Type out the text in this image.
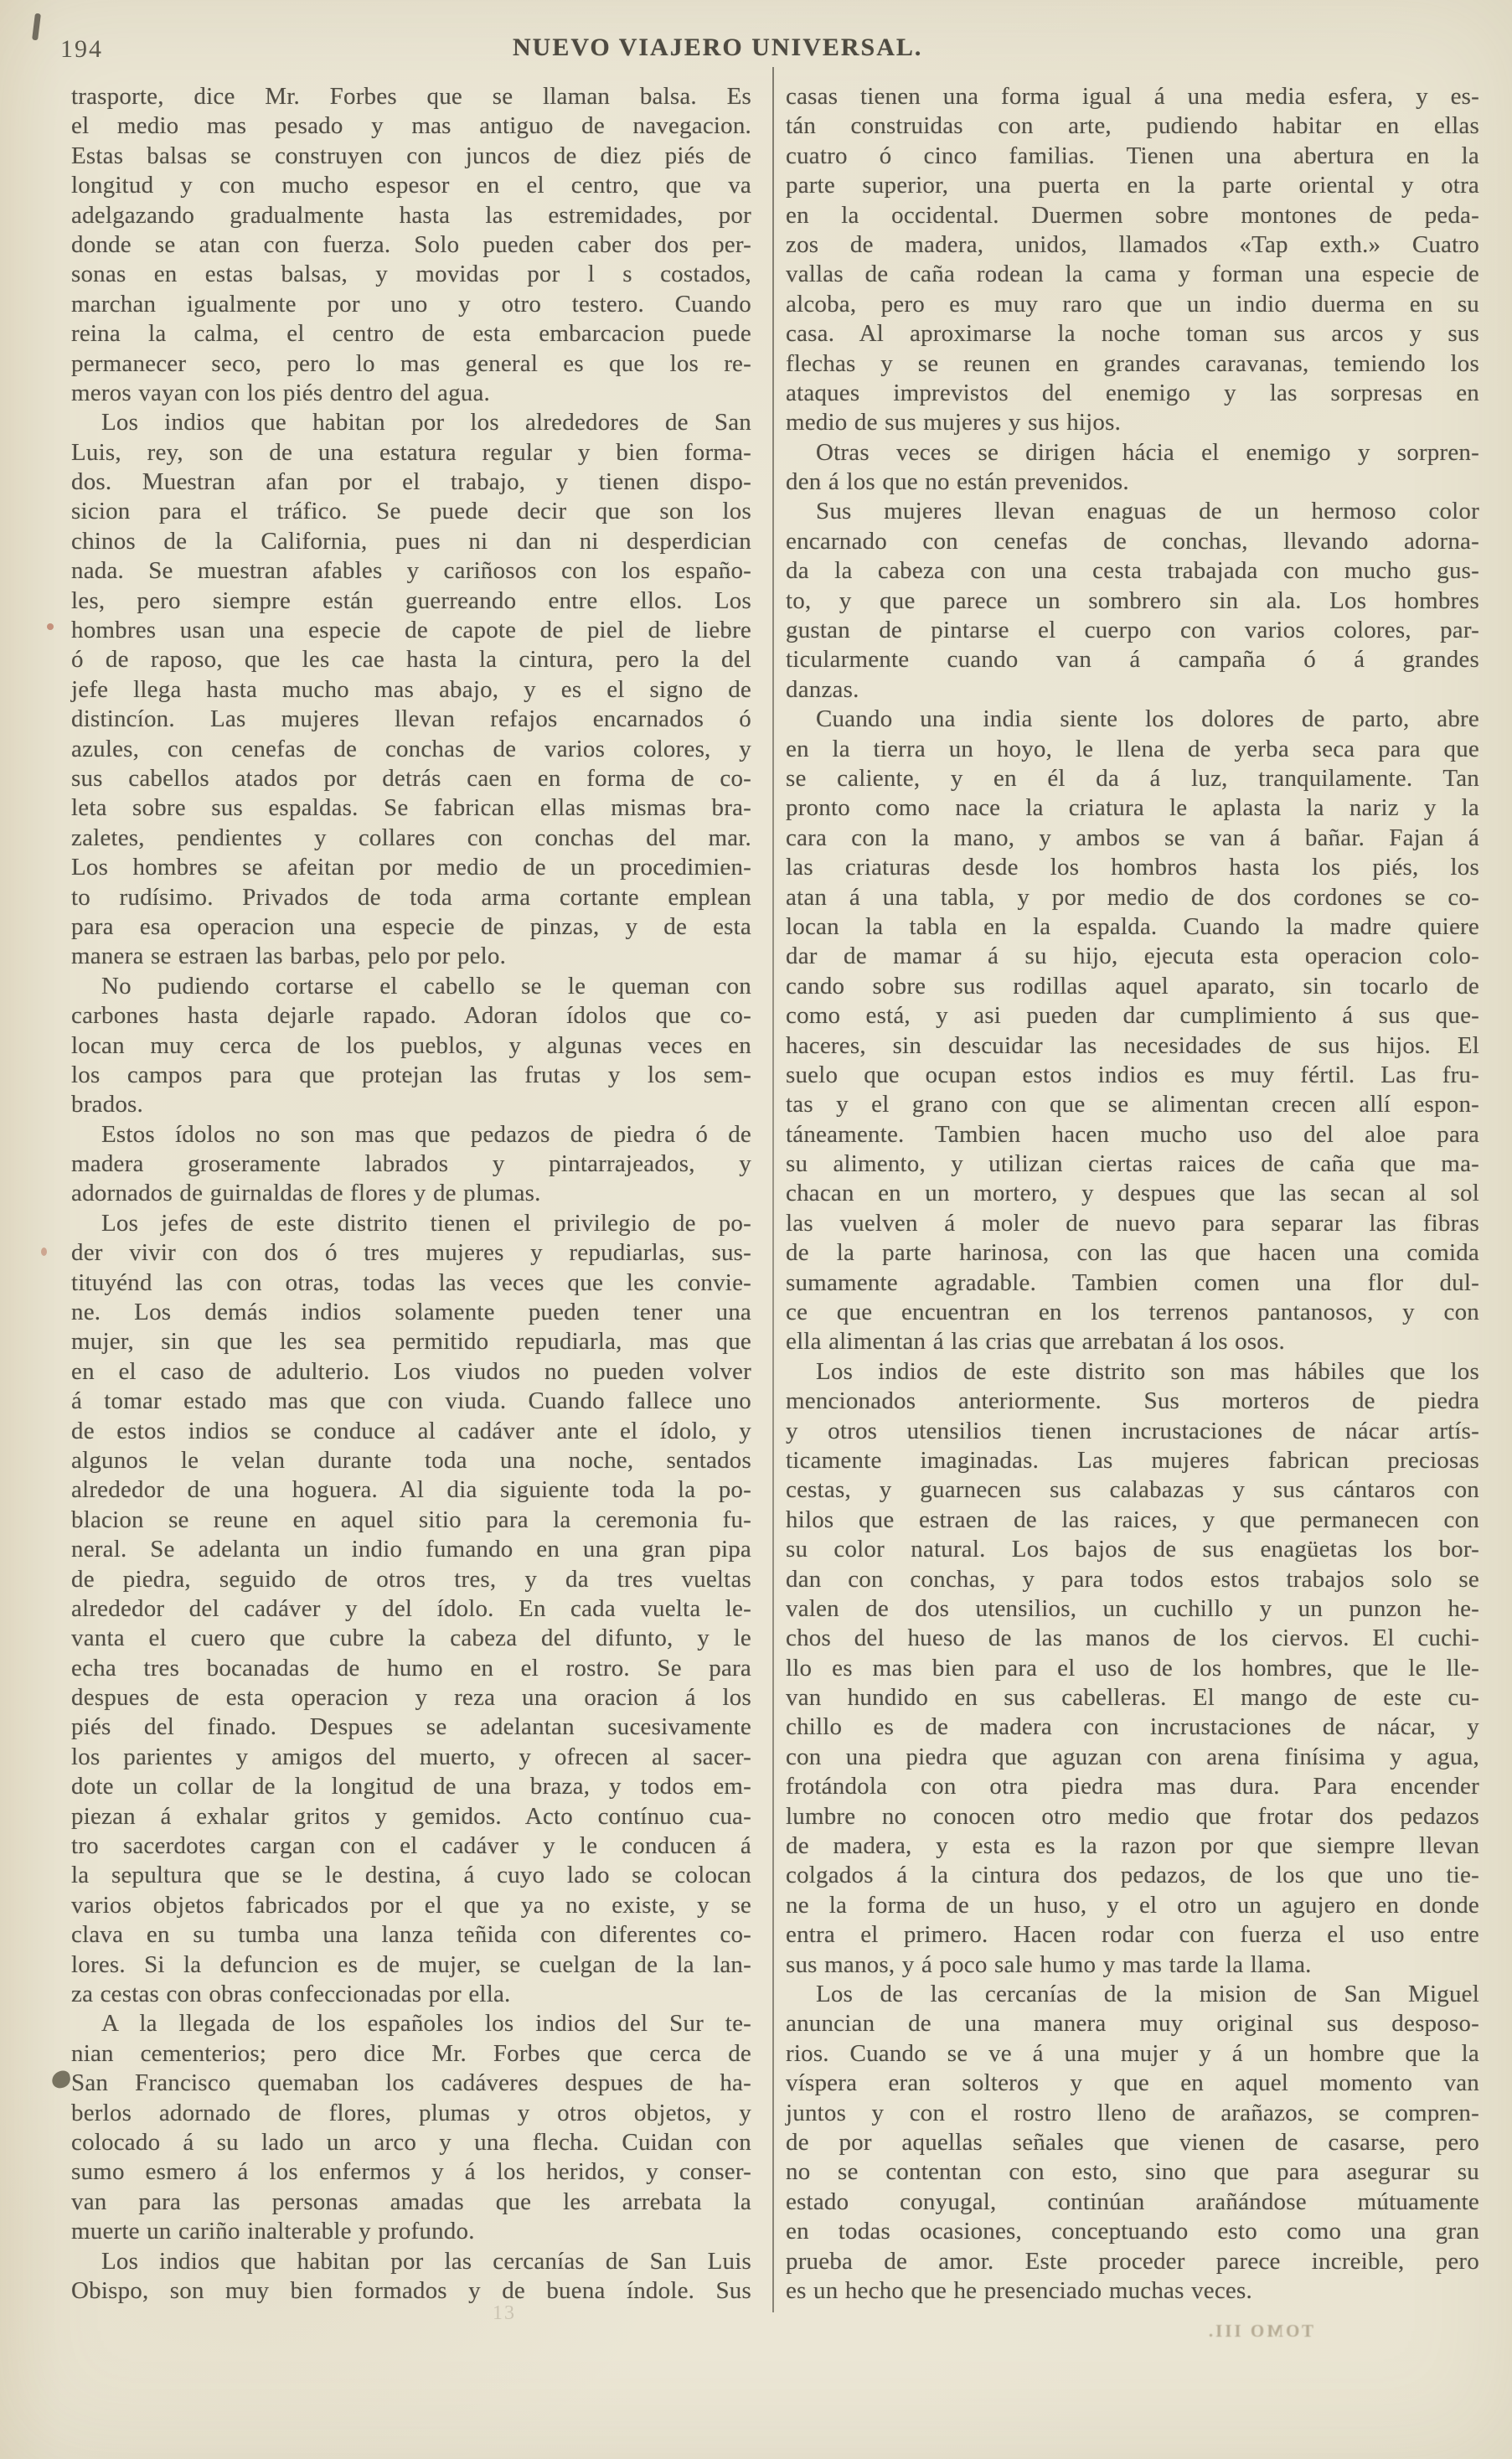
194	NUEVO VIAJERO UNIVERSAL.
trasporte, dice Mr. Forbes que se llaman balsa. Es
el medio mas pesado y mas antiguo de navegacion.
Estas balsas se construyen con juncos de diez piés de
longitud y con mucho espesor en el centro, que va
adelgazando gradualmente hasta las estremidades, por
donde se atan con fuerza. Solo pueden caber dos per-
sonas en estas balsas, y movidas por l s costados,
marchan igualmente por uno y otro testero. Cuando
reina la calma, el centro de esta embarcacion puede
permanecer seco, pero lo mas general es que los re-
meros vayan con los piés dentro del agua.
Los indios que habitan por los alrededores de San
Luis, rey, son de una estatura regular y bien forma-
dos. Muestran afan por el trabajo, y tienen dispo-
sicion para el tráfico. Se puede decir que son los
chinos de la California, pues ni dan ni desperdician
nada. Se muestran afables y cariñosos con los españo-
les, pero siempre están guerreando entre ellos. Los
hombres usan una especie de capote de piel de liebre
ó de raposo, que les cae hasta la cintura, pero la del
jefe llega hasta mucho mas abajo, y es el signo de
distincíon. Las mujeres llevan refajos encarnados ó
azules, con cenefas de conchas de varios colores, y
sus cabellos atados por detrás caen en forma de co-
leta sobre sus espaldas. Se fabrican ellas mismas bra-
zaletes, pendientes y collares con conchas del mar.
Los hombres se afeitan por medio de un procedimien-
to rudísimo. Privados de toda arma cortante emplean
para esa operacion una especie de pinzas, y de esta
manera se estraen las barbas, pelo por pelo.
No pudiendo cortarse el cabello se le queman con
carbones hasta dejarle rapado. Adoran ídolos que co-
locan muy cerca de los pueblos, y algunas veces en
los campos para que protejan las frutas y los sem-
brados.
Estos ídolos no son mas que pedazos de piedra ó de
madera groseramente labrados y pintarrajeados, y
adornados de guirnaldas de flores y de plumas.
Los jefes de este distrito tienen el privilegio de po-
der vivir con dos ó tres mujeres y repudiarlas, sus-
tituyénd las con otras, todas las veces que les convie-
ne. Los demás indios solamente pueden tener una
mujer, sin que les sea permitido repudiarla, mas que
en el caso de adulterio. Los viudos no pueden volver
á tomar estado mas que con viuda. Cuando fallece uno
de estos indios se conduce al cadáver ante el ídolo, y
algunos le velan durante toda una noche, sentados
alrededor de una hoguera. Al dia siguiente toda la po-
blacion se reune en aquel sitio para la ceremonia fu-
neral. Se adelanta un indio fumando en una gran pipa
de piedra, seguido de otros tres, y da tres vueltas
alrededor del cadáver y del ídolo. En cada vuelta le-
vanta el cuero que cubre la cabeza del difunto, y le
echa tres bocanadas de humo en el rostro. Se para
despues de esta operacion y reza una oracion á los
piés del finado. Despues se adelantan sucesivamente
los parientes y amigos del muerto, y ofrecen al sacer-
dote un collar de la longitud de una braza, y todos em-
piezan á exhalar gritos y gemidos. Acto contínuo cua-
tro sacerdotes cargan con el cadáver y le conducen á
la sepultura que se le destina, á cuyo lado se colocan
varios objetos fabricados por el que ya no existe, y se
clava en su tumba una lanza teñida con diferentes co-
lores. Si la defuncion es de mujer, se cuelgan de la lan-
za cestas con obras confeccionadas por ella.
A la llegada de los españoles los indios del Sur te-
nian cementerios; pero dice Mr. Forbes que cerca de
San Francisco quemaban los cadáveres despues de ha-
berlos adornado de flores, plumas y otros objetos, y
colocado á su lado un arco y una flecha. Cuidan con
sumo esmero á los enfermos y á los heridos, y conser-
van para las personas amadas que les arrebata la
muerte un cariño inalterable y profundo.
Los indios que habitan por las cercanías de San Luis
Obispo, son muy bien formados y de buena índole. Sus
casas tienen una forma igual á una media esfera, y es-
tán construidas con arte, pudiendo habitar en ellas
cuatro ó cinco familias. Tienen una abertura en la
parte superior, una puerta en la parte oriental y otra
en la occidental. Duermen sobre montones de peda-
zos de madera, unidos, llamados «Tap exth.» Cuatro
vallas de caña rodean la cama y forman una especie de
alcoba, pero es muy raro que un indio duerma en su
casa. Al aproximarse la noche toman sus arcos y sus
flechas y se reunen en grandes caravanas, temiendo los
ataques imprevistos del enemigo y las sorpresas en
medio de sus mujeres y sus hijos.
Otras veces se dirigen hácia el enemigo y sorpren-
den á los que no están prevenidos.
Sus mujeres llevan enaguas de un hermoso color
encarnado con cenefas de conchas, llevando adorna-
da la cabeza con una cesta trabajada con mucho gus-
to, y que parece un sombrero sin ala. Los hombres
gustan de pintarse el cuerpo con varios colores, par-
ticularmente cuando van á campaña ó á grandes
danzas.
Cuando una india siente los dolores de parto, abre
en la tierra un hoyo, le llena de yerba seca para que
se caliente, y en él da á luz, tranquilamente. Tan
pronto como nace la criatura le aplasta la nariz y la
cara con la mano, y ambos se van á bañar. Fajan á
las criaturas desde los hombros hasta los piés, los
atan á una tabla, y por medio de dos cordones se co-
locan la tabla en la espalda. Cuando la madre quiere
dar de mamar á su hijo, ejecuta esta operacion colo-
cando sobre sus rodillas aquel aparato, sin tocarlo de
como está, y asi pueden dar cumplimiento á sus que-
haceres, sin descuidar las necesidades de sus hijos. El
suelo que ocupan estos indios es muy fértil. Las fru-
tas y el grano con que se alimentan crecen allí espon-
táneamente. Tambien hacen mucho uso del aloe para
su alimento, y utilizan ciertas raices de caña que ma-
chacan en un mortero, y despues que las secan al sol
las vuelven á moler de nuevo para separar las fibras
de la parte harinosa, con las que hacen una comida
sumamente agradable. Tambien comen una flor dul-
ce que encuentran en los terrenos pantanosos, y con
ella alimentan á las crias que arrebatan á los osos.
Los indios de este distrito son mas hábiles que los
mencionados anteriormente. Sus morteros de piedra
y otros utensilios tienen incrustaciones de nácar artís-
ticamente imaginadas. Las mujeres fabrican preciosas
cestas, y guarnecen sus calabazas y sus cántaros con
hilos que estraen de las raices, y que permanecen con
su color natural. Los bajos de sus enagüetas los bor-
dan con conchas, y para todos estos trabajos solo se
valen de dos utensilios, un cuchillo y un punzon he-
chos del hueso de las manos de los ciervos. El cuchi-
llo es mas bien para el uso de los hombres, que le lle-
van hundido en sus cabelleras. El mango de este cu-
chillo es de madera con incrustaciones de nácar, y
con una piedra que aguzan con arena finísima y agua,
frotándola con otra piedra mas dura. Para encender
lumbre no conocen otro medio que frotar dos pedazos
de madera, y esta es la razon por que siempre llevan
colgados á la cintura dos pedazos, de los que uno tie-
ne la forma de un huso, y el otro un agujero en donde
entra el primero. Hacen rodar con fuerza el uso entre
sus manos, y á poco sale humo y mas tarde la llama.
Los de las cercanías de la mision de San Miguel
anuncian de una manera muy original sus desposo-
rios. Cuando se ve á una mujer y á un hombre que la
víspera eran solteros y que en aquel momento van
juntos y con el rostro lleno de arañazos, se compren-
de por aquellas señales que vienen de casarse, pero
no se contentan con esto, sino que para asegurar su
estado conyugal, continúan arañándose mútuamente
en todas ocasiones, conceptuando esto como una gran
prueba de amor. Este proceder parece increible, pero
es un hecho que he presenciado muchas veces.
13
TOMO III.
